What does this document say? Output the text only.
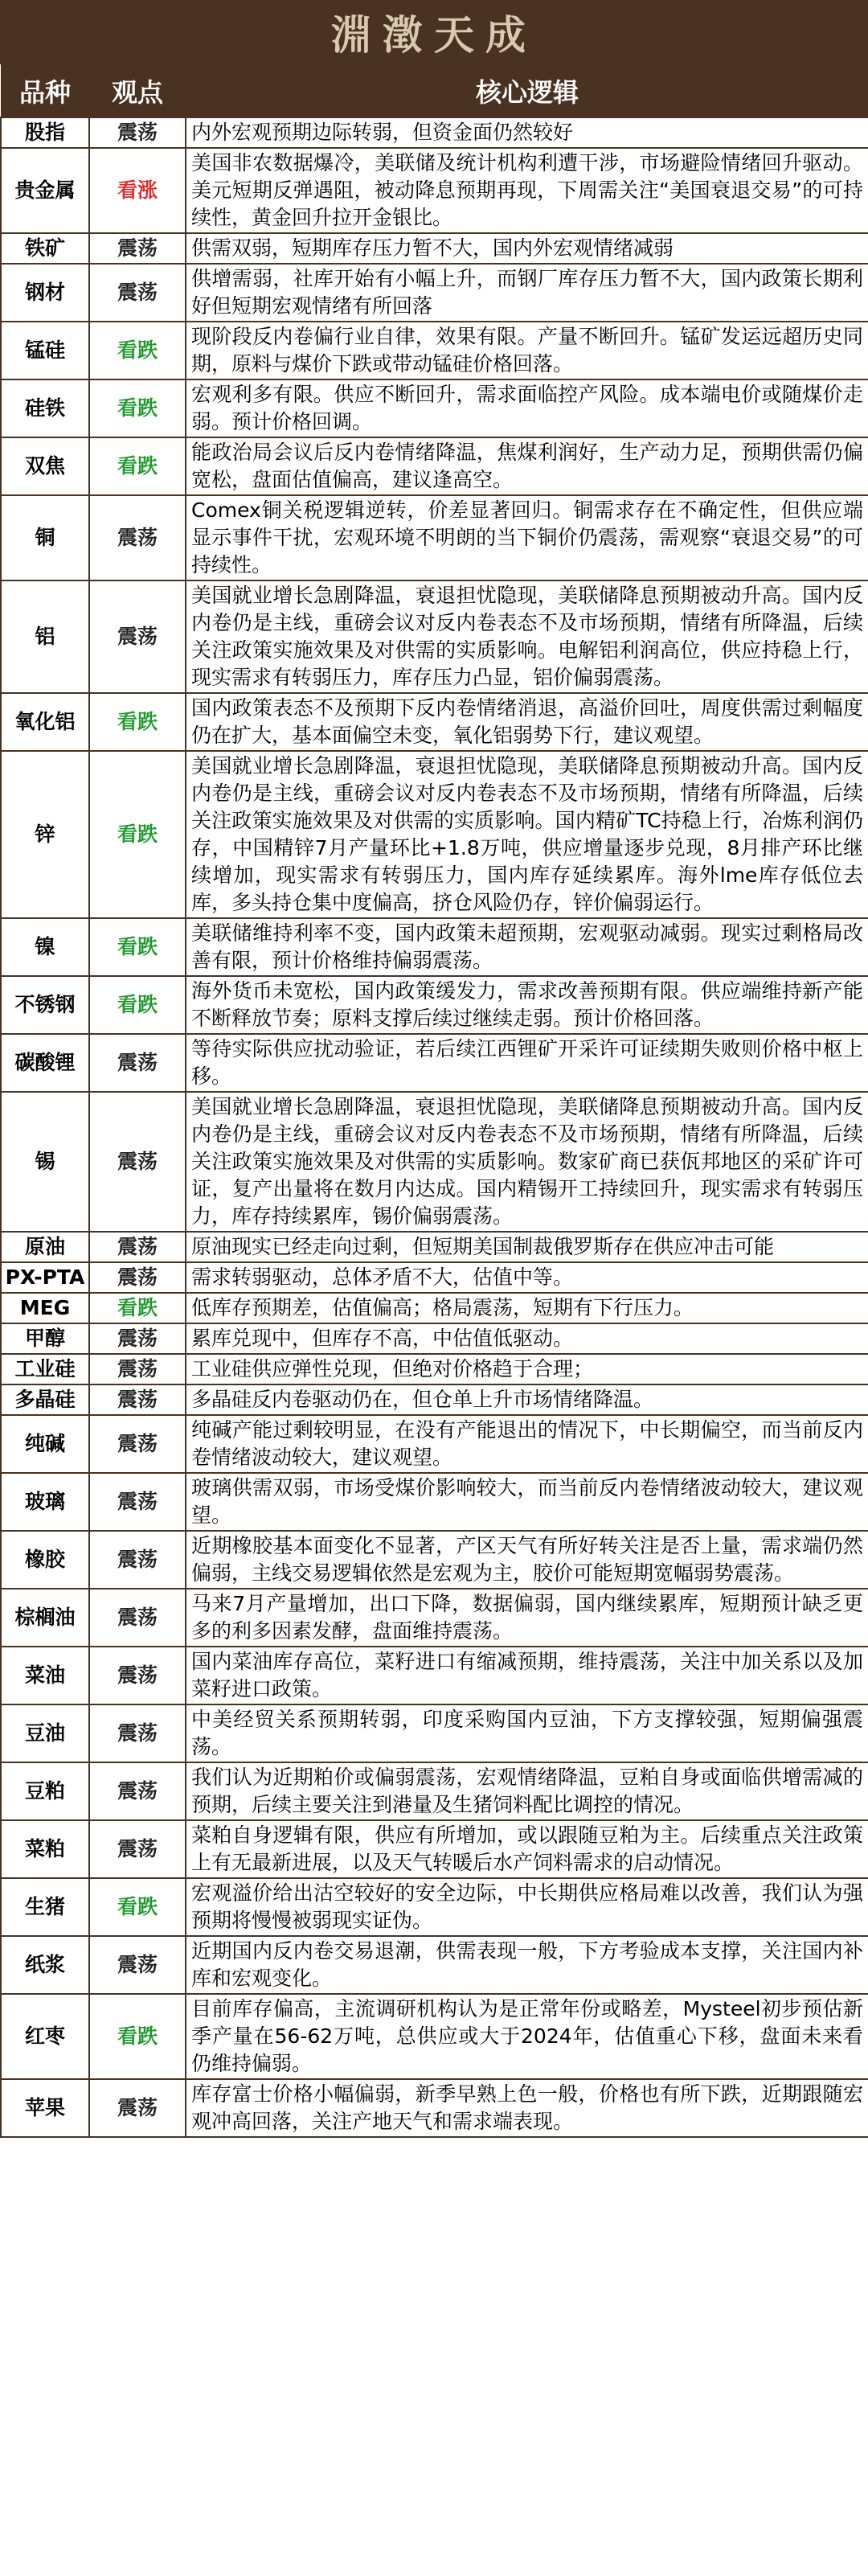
淵澂天成
品种	观点	核心逻辑
股指	震荡	内外宏观预期边际转弱，但资金面仍然较好
贵金属	看涨	美国非农数据爆冷，美联储及统计机构利遭干涉，市场避险情绪回升驱动。美元短期反弹遇阻，被动降息预期再现，下周需关注“美国衰退交易”的可持续性，黄金回升拉开金银比。
铁矿	震荡	供需双弱，短期库存压力暂不大，国内外宏观情绪减弱
钢材	震荡	供增需弱，社库开始有小幅上升，而钢厂库存压力暂不大，国内政策长期利好但短期宏观情绪有所回落
锰硅	看跌	现阶段反内卷偏行业自律，效果有限。产量不断回升。锰矿发运远超历史同期，原料与煤价下跌或带动锰硅价格回落。
硅铁	看跌	宏观利多有限。供应不断回升，需求面临控产风险。成本端电价或随煤价走弱。预计价格回调。
双焦	看跌	能政治局会议后反内卷情绪降温，焦煤利润好，生产动力足，预期供需仍偏宽松，盘面估值偏高，建议逢高空。
铜	震荡	Comex铜关税逻辑逆转，价差显著回归。铜需求存在不确定性，但供应端显示事件干扰，宏观环境不明朗的当下铜价仍震荡，需观察“衰退交易”的可持续性。
铝	震荡	美国就业增长急剧降温，衰退担忧隐现，美联储降息预期被动升高。国内反内卷仍是主线，重磅会议对反内卷表态不及市场预期，情绪有所降温，后续关注政策实施效果及对供需的实质影响。电解铝利润高位，供应持稳上行，现实需求有转弱压力，库存压力凸显，铝价偏弱震荡。
氧化铝	看跌	国内政策表态不及预期下反内卷情绪消退，高溢价回吐，周度供需过剩幅度仍在扩大，基本面偏空未变，氧化铝弱势下行，建议观望。
锌	看跌	美国就业增长急剧降温，衰退担忧隐现，美联储降息预期被动升高。国内反内卷仍是主线，重磅会议对反内卷表态不及市场预期，情绪有所降温，后续关注政策实施效果及对供需的实质影响。国内精矿TC持稳上行，冶炼利润仍存，中国精锌7月产量环比+1.8万吨，供应增量逐步兑现，8月排产环比继续增加，现实需求有转弱压力，国内库存延续累库。海外lme库存低位去库，多头持仓集中度偏高，挤仓风险仍存，锌价偏弱运行。
镍	看跌	美联储维持利率不变，国内政策未超预期，宏观驱动减弱。现实过剩格局改善有限，预计价格维持偏弱震荡。
不锈钢	看跌	海外货币未宽松，国内政策缓发力，需求改善预期有限。供应端维持新产能不断释放节奏；原料支撑后续过继续走弱。预计价格回落。
碳酸锂	震荡	等待实际供应扰动验证，若后续江西锂矿开采许可证续期失败则价格中枢上移。
锡	震荡	美国就业增长急剧降温，衰退担忧隐现，美联储降息预期被动升高。国内反内卷仍是主线，重磅会议对反内卷表态不及市场预期，情绪有所降温，后续关注政策实施效果及对供需的实质影响。数家矿商已获佤邦地区的采矿许可证，复产出量将在数月内达成。国内精锡开工持续回升，现实需求有转弱压力，库存持续累库，锡价偏弱震荡。
原油	震荡	原油现实已经走向过剩，但短期美国制裁俄罗斯存在供应冲击可能
PX-PTA	震荡	需求转弱驱动，总体矛盾不大，估值中等。
MEG	看跌	低库存预期差，估值偏高；格局震荡，短期有下行压力。
甲醇	震荡	累库兑现中，但库存不高，中估值低驱动。
工业硅	震荡	工业硅供应弹性兑现，但绝对价格趋于合理；
多晶硅	震荡	多晶硅反内卷驱动仍在，但仓单上升市场情绪降温。
纯碱	震荡	纯碱产能过剩较明显，在没有产能退出的情况下，中长期偏空，而当前反内卷情绪波动较大，建议观望。
玻璃	震荡	玻璃供需双弱，市场受煤价影响较大，而当前反内卷情绪波动较大，建议观望。
橡胶	震荡	近期橡胶基本面变化不显著，产区天气有所好转关注是否上量，需求端仍然偏弱，主线交易逻辑依然是宏观为主，胶价可能短期宽幅弱势震荡。
棕榈油	震荡	马来7月产量增加，出口下降，数据偏弱，国内继续累库，短期预计缺乏更多的利多因素发酵，盘面维持震荡。
菜油	震荡	国内菜油库存高位，菜籽进口有缩减预期，维持震荡，关注中加关系以及加菜籽进口政策。
豆油	震荡	中美经贸关系预期转弱，印度采购国内豆油，下方支撑较强，短期偏强震荡。
豆粕	震荡	我们认为近期粕价或偏弱震荡，宏观情绪降温，豆粕自身或面临供增需减的预期，后续主要关注到港量及生猪饲料配比调控的情况。
菜粕	震荡	菜粕自身逻辑有限，供应有所增加，或以跟随豆粕为主。后续重点关注政策上有无最新进展，以及天气转暖后水产饲料需求的启动情况。
生猪	看跌	宏观溢价给出沽空较好的安全边际，中长期供应格局难以改善，我们认为强预期将慢慢被弱现实证伪。
纸浆	震荡	近期国内反内卷交易退潮，供需表现一般，下方考验成本支撑，关注国内补库和宏观变化。
红枣	看跌	目前库存偏高，主流调研机构认为是正常年份或略差，Mysteel初步预估新季产量在56-62万吨，总供应或大于2024年，估值重心下移，盘面未来看仍维持偏弱。
苹果	震荡	库存富士价格小幅偏弱，新季早熟上色一般，价格也有所下跌，近期跟随宏观冲高回落，关注产地天气和需求端表现。
